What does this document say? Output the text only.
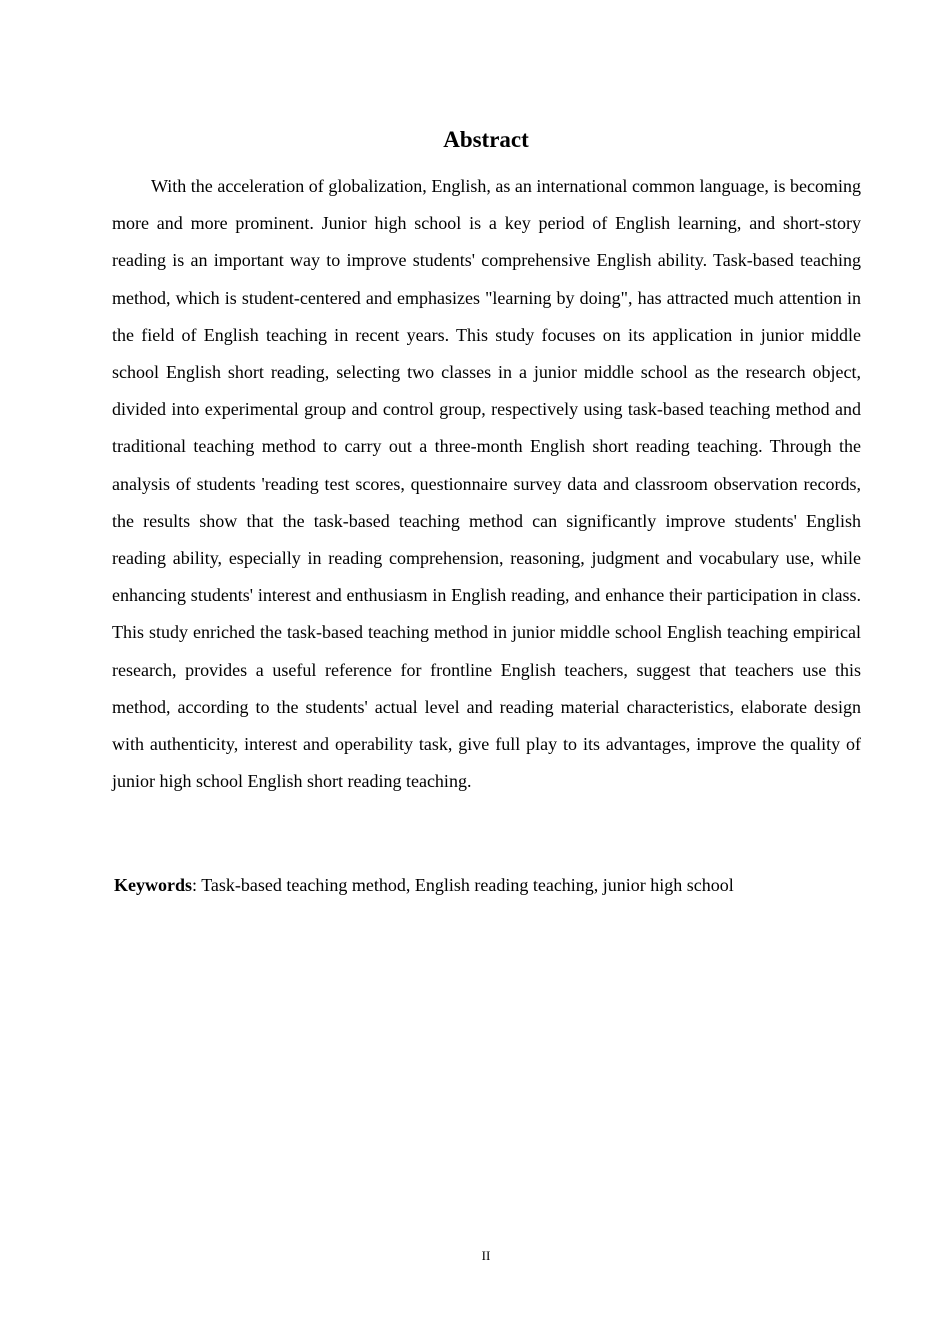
Abstract

With the acceleration of globalization, English, as an international common language, is becoming more and more prominent. Junior high school is a key period of English learning, and short-story reading is an important way to improve students' comprehensive English ability. Task-based teaching method, which is student-centered and emphasizes "learning by doing", has attracted much attention in the field of English teaching in recent years. This study focuses on its application in junior middle school English short reading, selecting two classes in a junior middle school as the research object, divided into experimental group and control group, respectively using task-based teaching method and traditional teaching method to carry out a three-month English short reading teaching. Through the analysis of students 'reading test scores, questionnaire survey data and classroom observation records, the results show that the task-based teaching method can significantly improve students' English reading ability, especially in reading comprehension, reasoning, judgment and vocabulary use, while enhancing students' interest and enthusiasm in English reading, and enhance their participation in class. This study enriched the task-based teaching method in junior middle school English teaching empirical research, provides a useful reference for frontline English teachers, suggest that teachers use this method, according to the students' actual level and reading material characteristics, elaborate design with authenticity, interest and operability task, give full play to its advantages, improve the quality of junior high school English short reading teaching.

Keywords: Task-based teaching method, English reading teaching, junior high school

II
